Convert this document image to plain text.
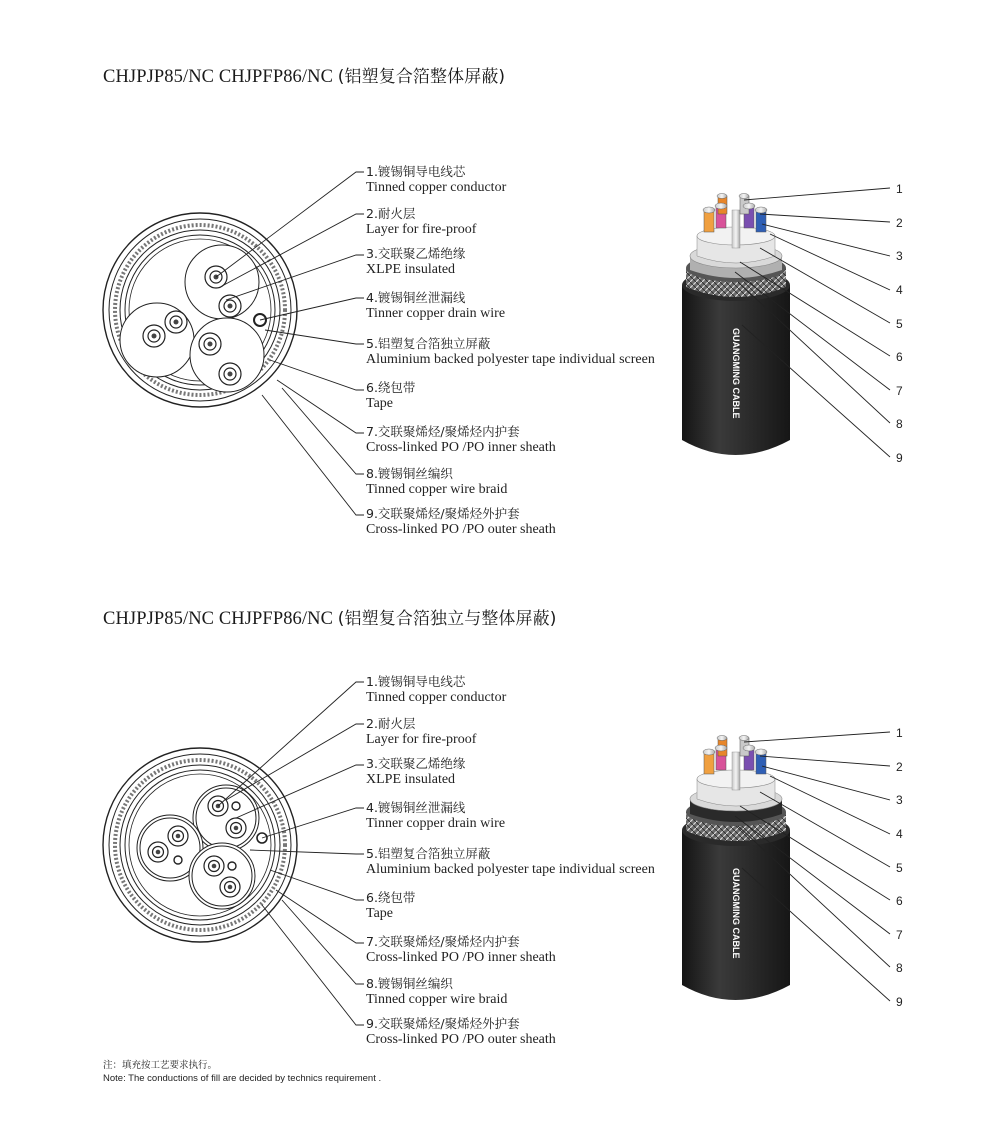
CHJPJP85/NC CHJPFP86/NC (铝塑复合箔整体屏蔽)
1.镀锡铜导电线芯
Tinned copper conductor
2.耐火层
Layer for fire-proof
3.交联聚乙烯绝缘
XLPE insulated
4.镀锡铜丝泄漏线
Tinner copper drain wire
5.铝塑复合箔独立屏蔽
Aluminium backed polyester tape individual screen
6.绕包带
Tape
7.交联聚烯烃/聚烯烃内护套
Cross-linked PO /PO inner sheath
8.镀锡铜丝编织
Tinned copper wire braid
9.交联聚烯烃/聚烯烃外护套
Cross-linked PO /PO outer sheath
1
2
3
4
5
6
7
8
9
CHJPJP85/NC CHJPFP86/NC (铝塑复合箔独立与整体屏蔽)
1.镀锡铜导电线芯
Tinned copper conductor
2.耐火层
Layer for fire-proof
3.交联聚乙烯绝缘
XLPE insulated
4.镀锡铜丝泄漏线
Tinner copper drain wire
5.铝塑复合箔独立屏蔽
Aluminium backed polyester tape individual screen
6.绕包带
Tape
7.交联聚烯烃/聚烯烃内护套
Cross-linked PO /PO inner sheath
8.镀锡铜丝编织
Tinned copper wire braid
9.交联聚烯烃/聚烯烃外护套
Cross-linked PO /PO outer sheath
1
2
3
4
5
6
7
8
9
GUANGMING CABLE
GUANGMING CABLE
注：填充按工艺要求执行。
Note: The conductions of fill are decided by technics requirement .
